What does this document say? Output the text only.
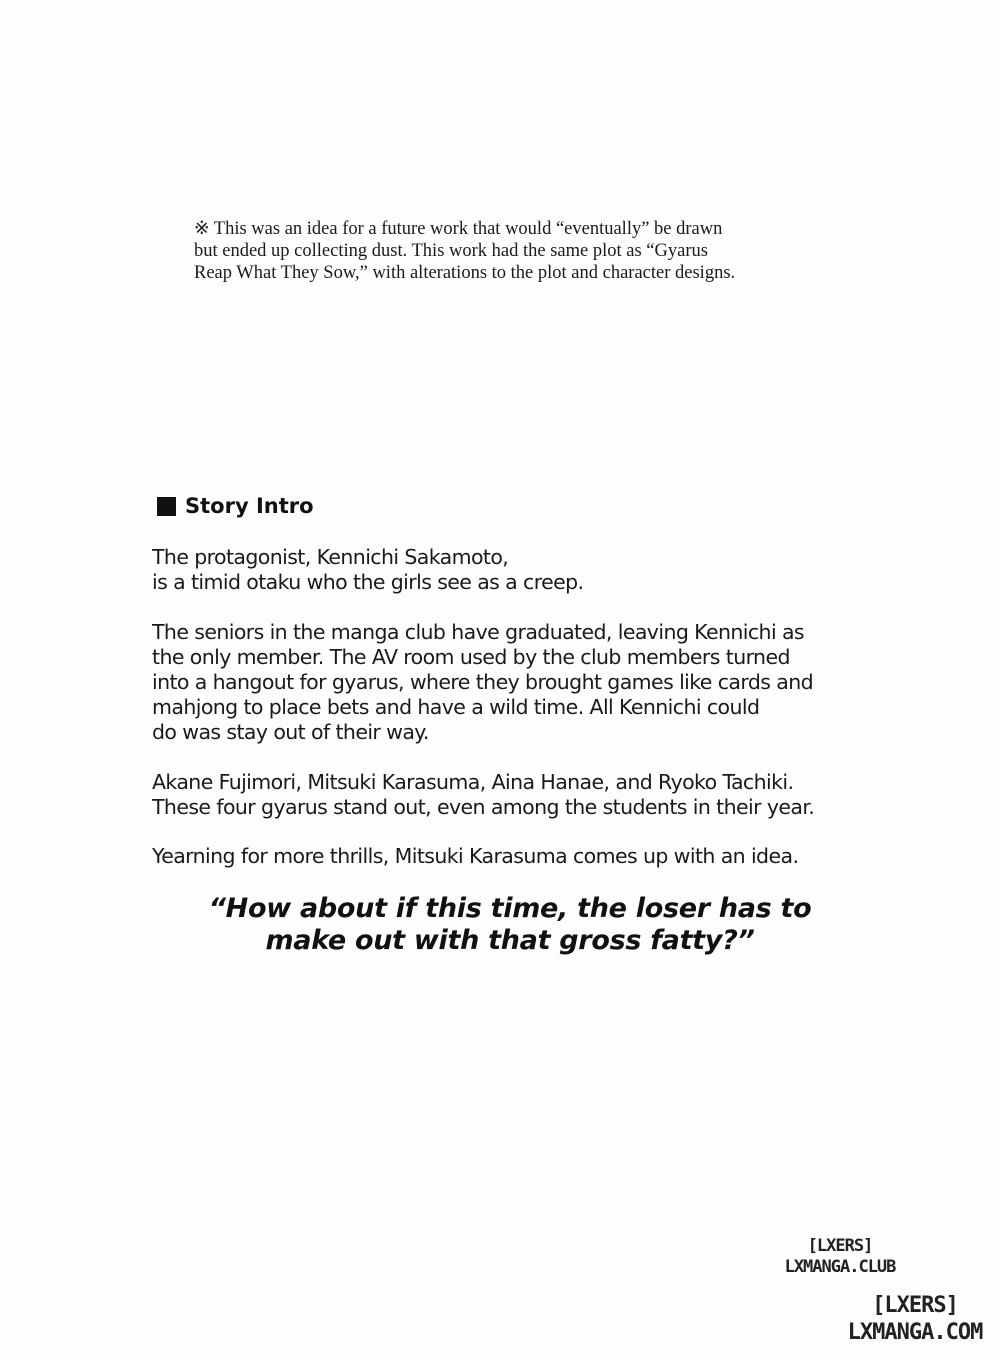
※ This was an idea for a future work that would “eventually” be drawn
but ended up collecting dust. This work had the same plot as “Gyarus
Reap What They Sow,” with alterations to the plot and character designs.
Story Intro
The protagonist, Kennichi Sakamoto,
is a timid otaku who the girls see as a creep.
The seniors in the manga club have graduated, leaving Kennichi as
the only member. The AV room used by the club members turned
into a hangout for gyarus, where they brought games like cards and
mahjong to place bets and have a wild time. All Kennichi could
do was stay out of their way.
Akane Fujimori, Mitsuki Karasuma, Aina Hanae, and Ryoko Tachiki.
These four gyarus stand out, even among the students in their year.
Yearning for more thrills, Mitsuki Karasuma comes up with an idea.
“How about if this time, the loser has to
make out with that gross fatty?”
[LXERS]
LXMANGA.CLUB
[LXERS]
LXMANGA.COM
